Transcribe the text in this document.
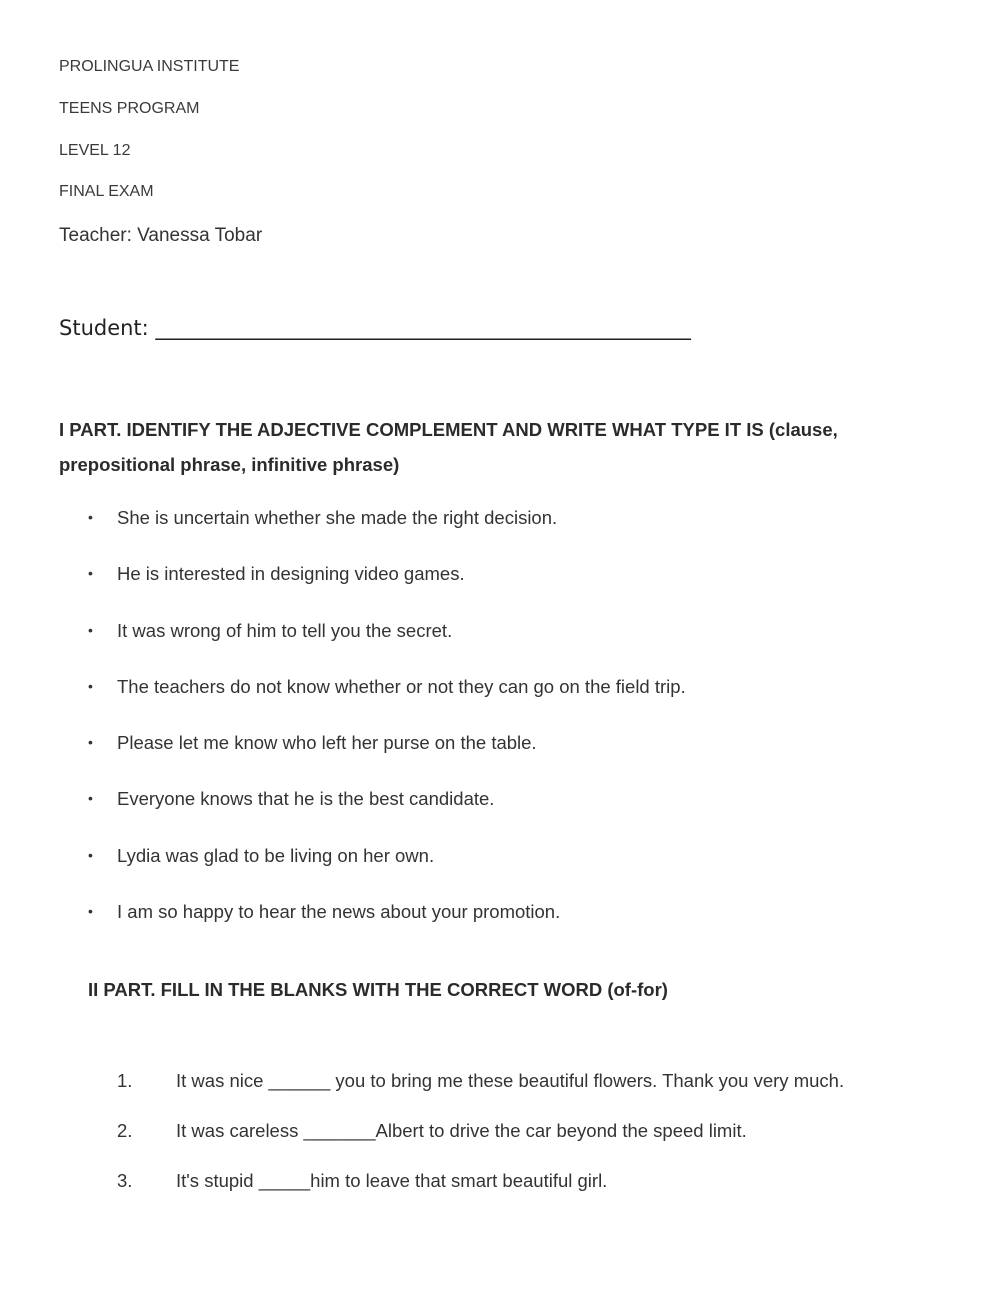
PROLINGUA INSTITUTE
TEENS PROGRAM
LEVEL 12
FINAL EXAM
Teacher: Vanessa Tobar
Student: ___________________________________________________
I PART. IDENTIFY THE ADJECTIVE COMPLEMENT AND WRITE WHAT TYPE IT IS (clause, prepositional phrase, infinitive phrase)
• She is uncertain whether she made the right decision.
• He is interested in designing video games.
• It was wrong of him to tell you the secret.
• The teachers do not know whether or not they can go on the field trip.
• Please let me know who left her purse on the table.
• Everyone knows that he is the best candidate.
• Lydia was glad to be living on her own.
• I am so happy to hear the news about your promotion.
II PART. FILL IN THE BLANKS WITH THE CORRECT WORD (of-for)
1. It was nice ______ you to bring me these beautiful flowers. Thank you very much.
2. It was careless _______Albert to drive the car beyond the speed limit.
3. It's stupid _____him to leave that smart beautiful girl.
